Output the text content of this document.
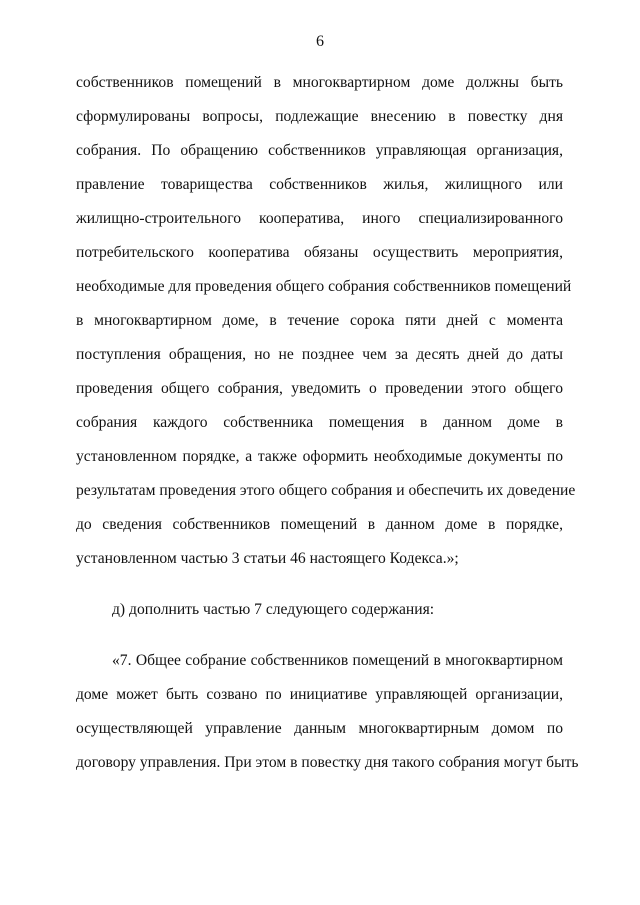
6
собственников помещений в многоквартирном доме должны быть
сформулированы вопросы, подлежащие внесению в повестку дня
собрания. По обращению собственников управляющая организация,
правление товарищества собственников жилья, жилищного или
жилищно-строительного кооператива, иного специализированного
потребительского кооператива обязаны осуществить мероприятия,
необходимые для проведения общего собрания собственников помещений
в многоквартирном доме, в течение сорока пяти дней с момента
поступления обращения, но не позднее чем за десять дней до даты
проведения общего собрания, уведомить о проведении этого общего
собрания каждого собственника помещения в данном доме в
установленном порядке, а также оформить необходимые документы по
результатам проведения этого общего собрания и обеспечить их доведение
до сведения собственников помещений в данном доме в порядке,
установленном частью 3 статьи 46 настоящего Кодекса.»;
д) дополнить частью 7 следующего содержания:
«7. Общее собрание собственников помещений в многоквартирном
доме может быть созвано по инициативе управляющей организации,
осуществляющей управление данным многоквартирным домом по
договору управления. При этом в повестку дня такого собрания могут быть
